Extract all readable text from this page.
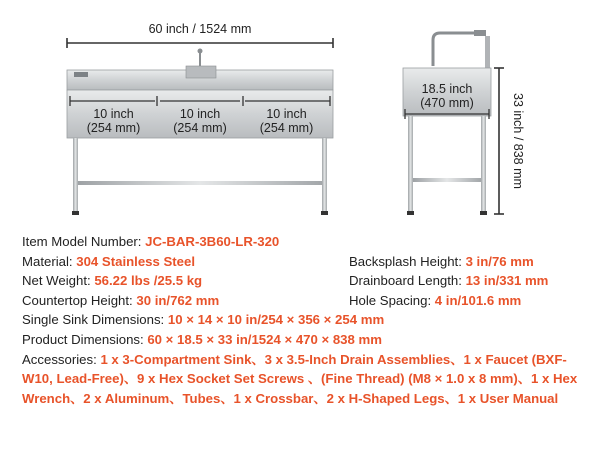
33 inch / 838 mm
60 inch / 1524 mm
10 inch
(254 mm)
10 inch
(254 mm)
10 inch
(254 mm)
18.5 inch
(470 mm)
Item Model Number: JC-BAR-3B60-LR-320
Material: 304 Stainless Steel	Backsplash Height: 3 in/76 mm
Net Weight: 56.22 lbs /25.5 kg	Drainboard Length: 13 in/331 mm
Countertop Height: 30 in/762 mm	Hole Spacing: 4 in/101.6 mm
Single Sink Dimensions: 10 × 14 × 10 in/254 × 356 × 254 mm
Product Dimensions: 60 × 18.5 × 33 in/1524 × 470 × 838 mm
Accessories: 1 x 3-Compartment Sink、3 x 3.5-Inch Drain Assemblies、1 x Faucet (BXF-W10, Lead-Free)、9 x Hex Socket Set Screws 、(Fine Thread) (M8 × 1.0 x 8 mm)、1 x Hex Wrench、2 x Aluminum、Tubes、1 x Crossbar、2 x H-Shaped Legs、1 x User Manual
